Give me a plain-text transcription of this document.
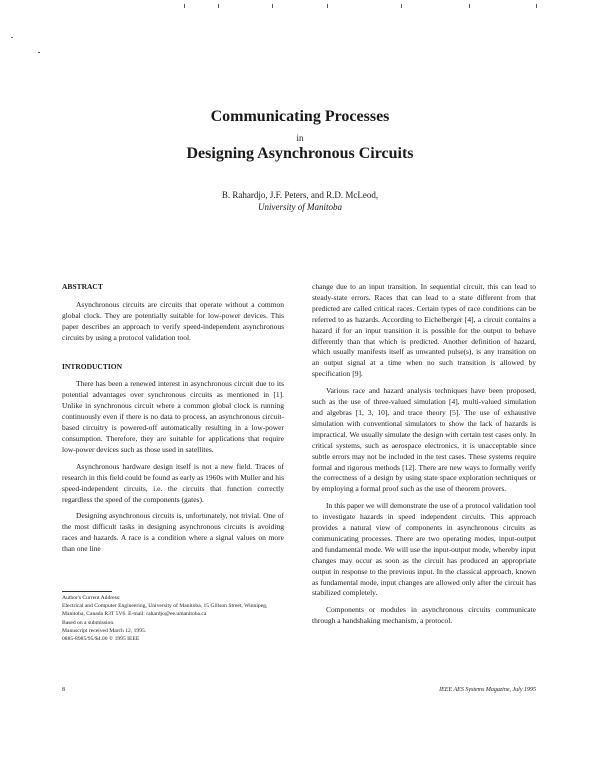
Communicating Processes
in
Designing Asynchronous Circuits
B. Rahardjo, J.F. Peters, and R.D. McLeod,
University of Manitoba
ABSTRACT

Asynchronous circuits are circuits that operate without a common global clock. They are potentially suitable for low-power devices. This paper describes an approach to verify speed-independent asynchronous circuits by using a protocol validation tool.

INTRODUCTION

There has been a renewed interest in asynchronous circuit due to its potential advantages over synchronous circuits as mentioned in [1]. Unlike in synchronous circuit where a common global clock is running continuously even if there is no data to process, an asynchronous circuit-based circuitry is powered-off automatically resulting in a low-power consumption. Therefore, they are suitable for applications that require low-power devices such as those used in satellites.

Asynchronous hardware design itself is not a new field. Traces of research in this field could be found as early as 1960s with Muller and his speed-independent circuits, i.e. the circuits that function correctly regardless the speed of the components (gates).

Designing asynchronous circuits is, unfortunately, not trivial. One of the most difficult tasks in designing asynchronous circuits is avoiding races and hazards. A race is a condition where a signal values on more than one line

Author's Current Address:
Electrical and Computer Engineering, University of Manitoba, 15 Gillson Street, Winnipeg, Manitoba, Canada R3T 5V6. E-mail: rahardjo@ee.umanitoba.ca
Based on a submission.
Manuscript received March 12, 1995.
0885-8985/95/$4.00 © 1995 IEEE

change due to an input transition. In sequential circuit, this can lead to steady-state errors. Races that can lead to a state different from that predicted are called critical races. Certain types of race conditions can be referred to as hazards. According to Eichelberger [4], a circuit contains a hazard if for an input transition it is possible for the output to behave differently than that which is predicted. Another definition of hazard, which usually manifests itself as unwanted pulse(s), is any transition on an output signal at a time when no such transition is allowed by specification [9].

Various race and hazard analysis techniques have been proposed, such as the use of three-valued simulation [4], multi-valued simulation and algebras [1, 3, 10], and trace theory [5]. The use of exhaustive simulation with conventional simulators to show the lack of hazards is impractical. We usually simulate the design with certain test cases only. In critical systems, such as aerospace electronics, it is unacceptable since subtle errors may not be included in the test cases. These systems require formal and rigorous methods [12]. There are new ways to formally verify the correctness of a design by using state space exploration techniques or by employing a formal proof such as the use of theorem provers.

In this paper we will demonstrate the use of a protocol validation tool to investigate hazards in speed independent circuits. This approach provides a natural view of components in asynchronous circuits as communicating processes. There are two operating modes, input-output and fundamental mode. We will use the input-output mode, whereby input changes may occur as soon as the circuit has produced an appropriate output in response to the previous input. In the classical approach, known as fundamental mode, input changes are allowed only after the circuit has stabilized completely.

Components or modules in asynchronous circuits communicate through a handshaking mechanism, a protocol.

8	IEEE AES Systems Magazine, July 1995
